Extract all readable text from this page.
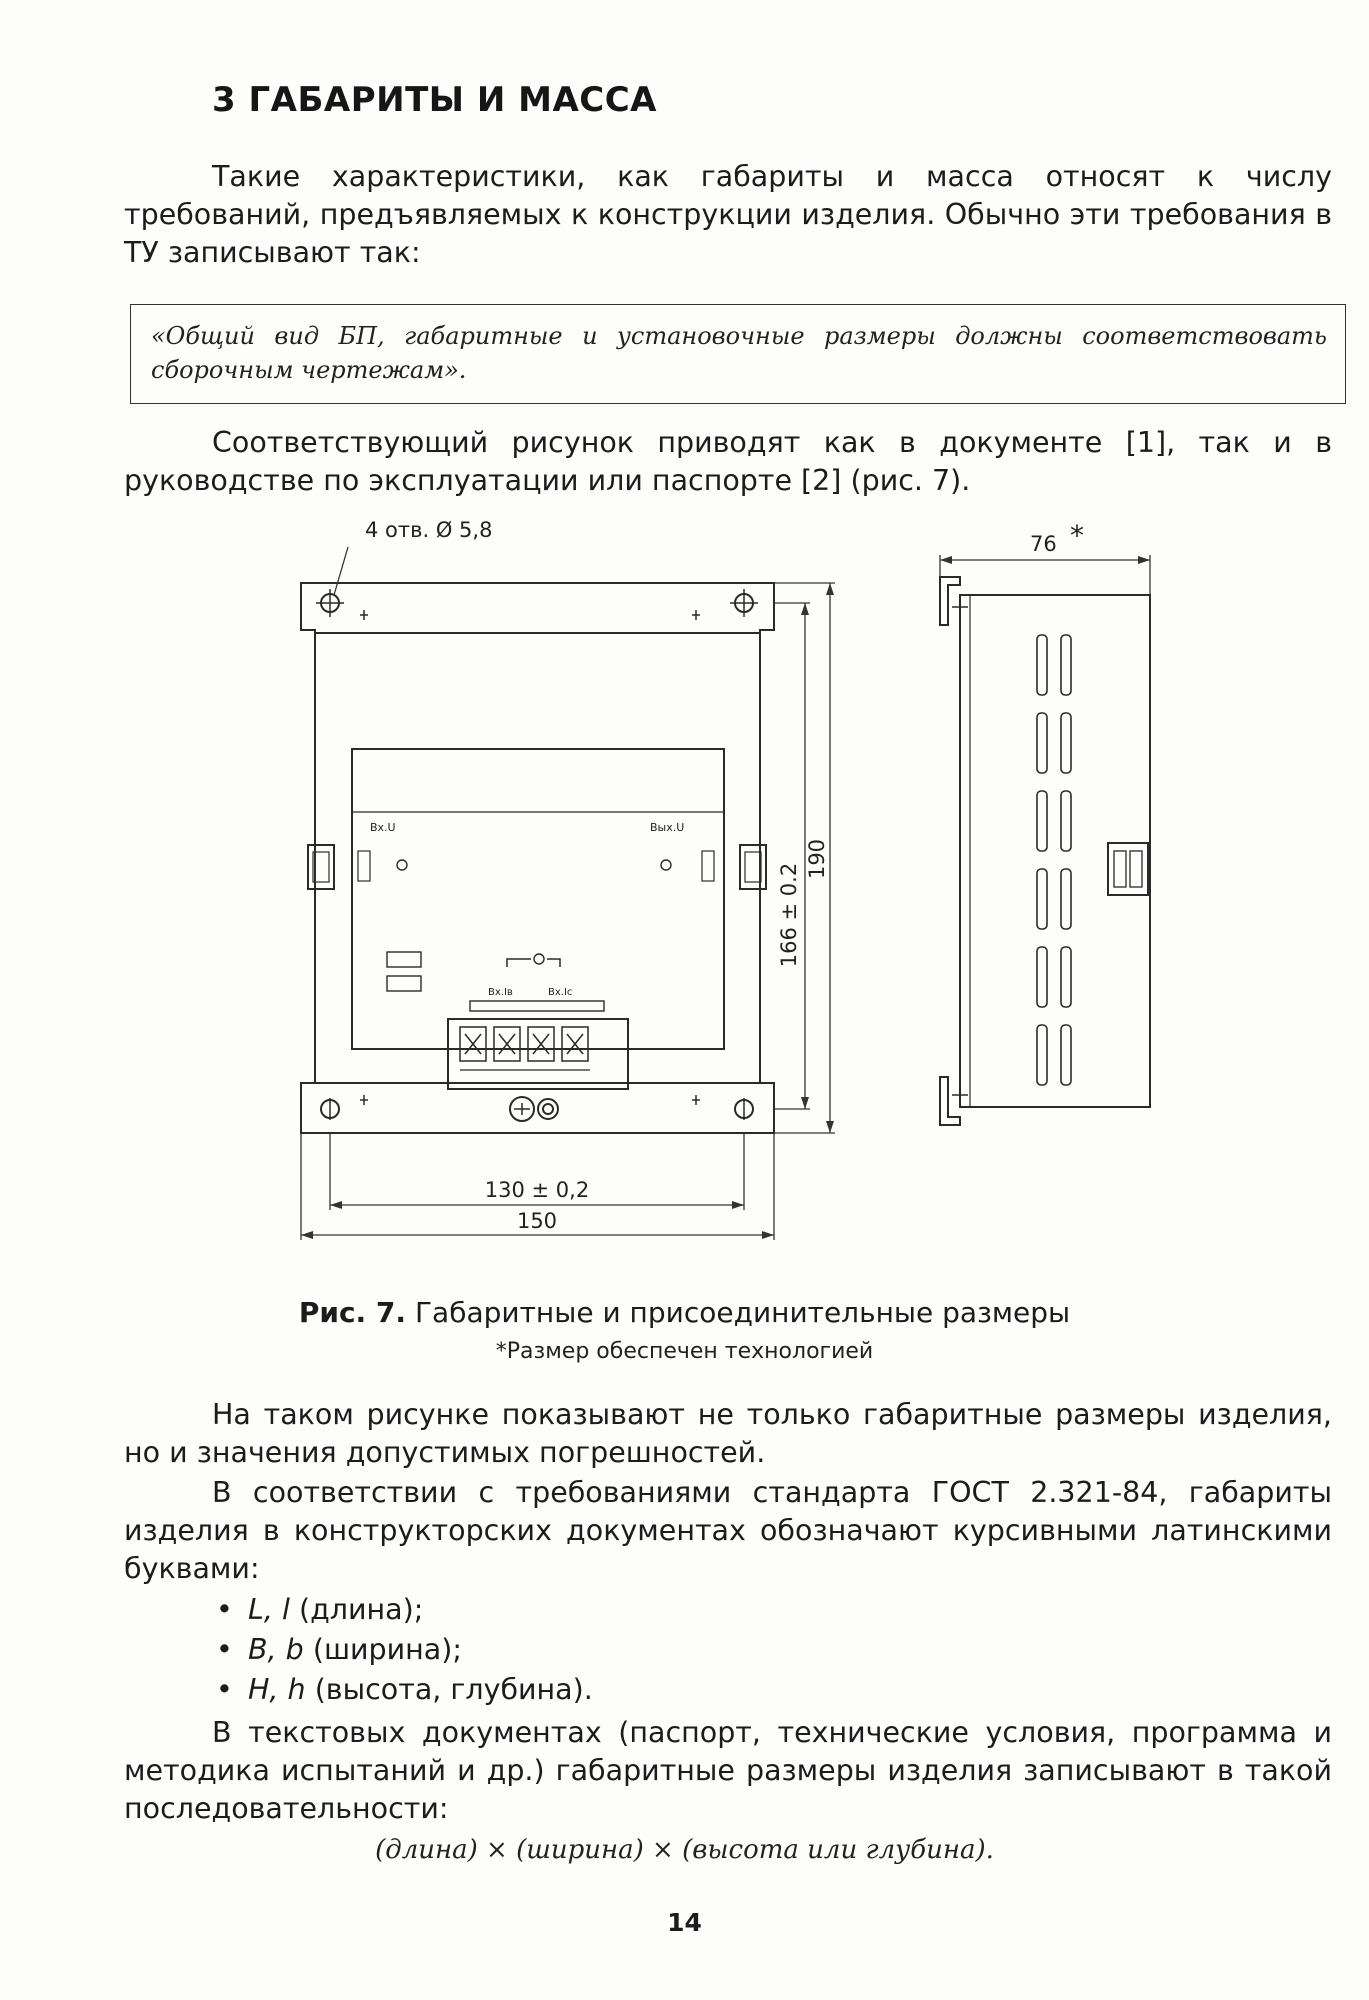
3 ГАБАРИТЫ И МАССА

Такие характеристики, как габариты и масса относят к числу требований, предъявляемых к конструкции изделия. Обычно эти требования в ТУ записывают так:

«Общий вид БП, габаритные и установочные размеры должны соответствовать сборочным чертежам».

Соответствующий рисунок приводят как в документе [1], так и в руководстве по эксплуатации или паспорте [2] (рис. 7).

Вх.U	Вых.U
Вх.Iв	Вх.Iс
4 отв. Ø 5,8
76 *
166 ± 0.2
190
130 ± 0,2
150
Рис. 7. Габаритные и присоединительные размеры
*Размер обеспечен технологией

На таком рисунке показывают не только габаритные размеры изделия, но и значения допустимых погрешностей.

В соответствии с требованиями стандарта ГОСТ 2.321-84, габариты изделия в конструкторских документах обозначают курсивными латинскими буквами:

• L, l (длина);
• B, b (ширина);
• H, h (высота, глубина).

В текстовых документах (паспорт, технические условия, программа и методика испытаний и др.) габаритные размеры изделия записывают в такой последовательности:

(длина) × (ширина) × (высота или глубина).
14
